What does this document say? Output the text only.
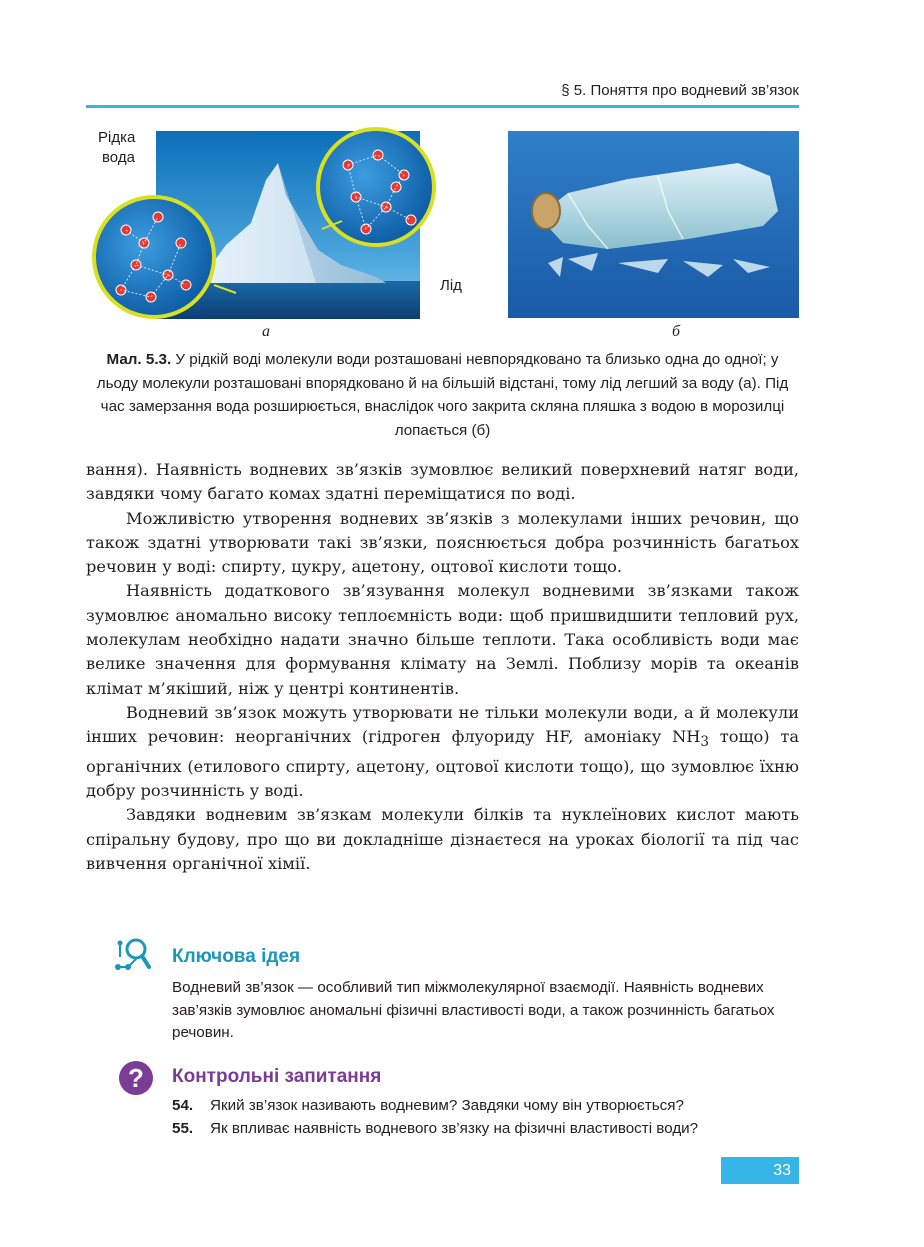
§ 5. Поняття про водневий зв’язок
Рідка
вода
Лід
а	б
Мал. 5.3. У рідкій воді молекули води розташовані невпорядковано та близько одна до одної; у льоду молекули розташовані впорядковано й на більшій відстані, тому лід легший за воду (а). Під час замерзання вода розширюється, внаслідок чого закрита скляна пляшка з водою в морозилці лопається (б)

вання). Наявність водневих зв’язків зумовлює великий поверхневий натяг води, завдяки чому багато комах здатні переміщатися по воді.

Можливістю утворення водневих зв’язків з молекулами інших речовин, що також здатні утворювати такі зв’язки, пояснюється добра розчинність багатьох речовин у воді: спирту, цукру, ацетону, оцтової кислоти тощо.

Наявність додаткового зв’язування молекул водневими зв’язками також зумовлює аномально високу теплоємність води: щоб пришвидшити тепловий рух, молекулам необхідно надати значно більше теплоти. Така особливість води має велике значення для формування клімату на Землі. Поблизу морів та океанів клімат м’якіший, ніж у центрі континентів.

Водневий зв’язок можуть утворювати не тільки молекули води, а й молекули інших речовин: неорганічних (гідроген флуориду HF, амоніаку $NH_3$ тощо) та органічних (етилового спирту, ацетону, оцтової кислоти тощо), що зумовлює їхню добру розчинність у воді.

Завдяки водневим зв’язкам молекули білків та нуклеїнових кислот мають спіральну будову, про що ви докладніше дізнаєтеся на уроках біології та під час вивчення органічної хімії.

Ключова ідея
Водневий зв’язок — особливий тип міжмолекулярної взаємодії. Наявність водневих зав’язків зумовлює аномальні фізичні властивості води, а також розчинність багатьох речовин.
?	Контрольні запитання
54.	Який зв’язок називають водневим? Завдяки чому він утворюється?
55.	Як впливає наявність водневого зв’язку на фізичні властивості води?
33
